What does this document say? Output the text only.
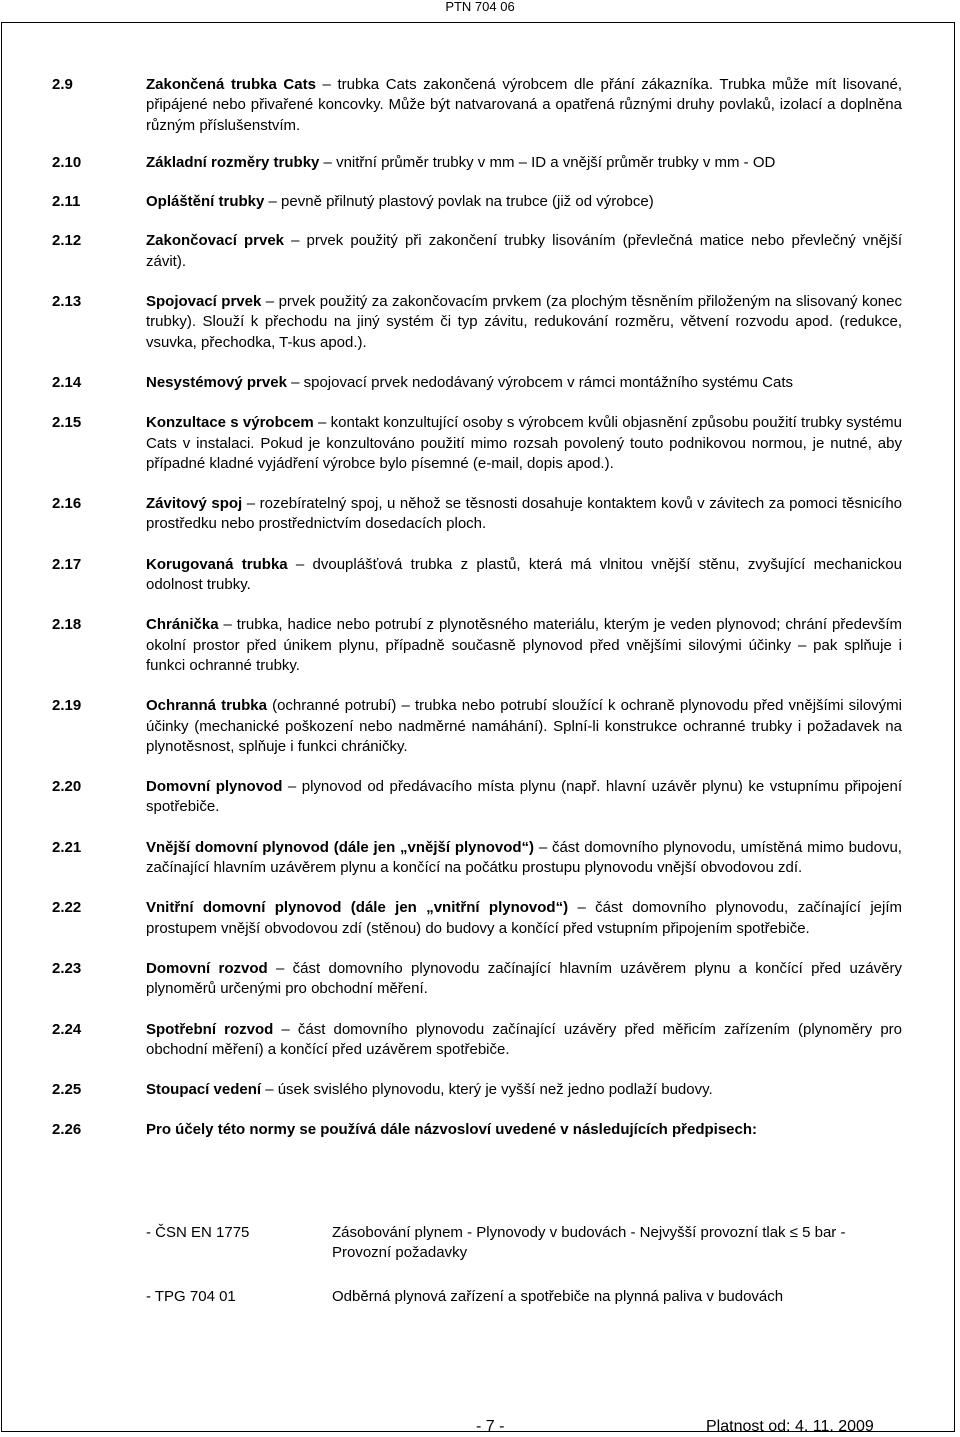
PTN 704 06
2.9	Zakončená trubka Cats – trubka Cats zakončená výrobcem dle přání zákazníka. Trubka může mít lisované, připájené nebo přivařené koncovky. Může být natvarovaná a opatřená různými druhy povlaků, izolací a doplněna různým příslušenstvím.
2.10	Základní rozměry trubky – vnitřní průměr trubky v mm – ID a vnější průměr trubky v mm - OD
2.11	Opláštění trubky – pevně přilnutý plastový povlak na trubce (již od výrobce)
2.12	Zakončovací prvek – prvek použitý při zakončení trubky lisováním (převlečná matice nebo převlečný vnější závit).
2.13	Spojovací prvek – prvek použitý za zakončovacím prvkem (za plochým těsněním přiloženým na slisovaný konec trubky). Slouží k přechodu na jiný systém či typ závitu, redukování rozměru, větvení rozvodu apod. (redukce, vsuvka, přechodka, T-kus apod.).
2.14	Nesystémový prvek – spojovací prvek nedodávaný výrobcem v rámci montážního systému Cats
2.15	Konzultace s výrobcem – kontakt konzultující osoby s výrobcem kvůli objasnění způsobu použití trubky systému Cats v instalaci. Pokud je konzultováno použití mimo rozsah povolený touto podnikovou normou, je nutné, aby případné kladné vyjádření výrobce bylo písemné (e-mail, dopis apod.).
2.16	Závitový spoj – rozebíratelný spoj, u něhož se těsnosti dosahuje kontaktem kovů v závitech za pomoci těsnicího prostředku nebo prostřednictvím dosedacích ploch.
2.17	Korugovaná trubka – dvouplášťová trubka z plastů, která má vlnitou vnější stěnu, zvyšující mechanickou odolnost trubky.
2.18	Chránička – trubka, hadice nebo potrubí z plynotěsného materiálu, kterým je veden plynovod; chrání především okolní prostor před únikem plynu, případně současně plynovod před vnějšími silovými účinky – pak splňuje i funkci ochranné trubky.
2.19	Ochranná trubka (ochranné potrubí) – trubka nebo potrubí sloužící k ochraně plynovodu před vnějšími silovými účinky (mechanické poškození nebo nadměrné namáhání). Splní-li konstrukce ochranné trubky i požadavek na plynotěsnost, splňuje i funkci chráničky.
2.20	Domovní plynovod – plynovod od předávacího místa plynu (např. hlavní uzávěr plynu) ke vstupnímu připojení spotřebiče.
2.21	Vnější domovní plynovod (dále jen „vnější plynovod“) – část domovního plynovodu, umístěná mimo budovu, začínající hlavním uzávěrem plynu a končící na počátku prostupu plynovodu vnější obvodovou zdí.
2.22	Vnitřní domovní plynovod (dále jen „vnitřní plynovod“) – část domovního plynovodu, začínající jejím prostupem vnější obvodovou zdí (stěnou) do budovy a končící před vstupním připojením spotřebiče.
2.23	Domovní rozvod – část domovního plynovodu začínající hlavním uzávěrem plynu a končící před uzávěry plynoměrů určenými pro obchodní měření.
2.24	Spotřební rozvod – část domovního plynovodu začínající uzávěry před měřicím zařízením (plynoměry pro obchodní měření) a končící před uzávěrem spotřebiče.
2.25	Stoupací vedení – úsek svislého plynovodu, který je vyšší než jedno podlaží budovy.
2.26	Pro účely této normy se používá dále názvosloví uvedené v následujících předpisech:
- ČSN EN 1775	Zásobování plynem - Plynovody v budovách - Nejvyšší provozní tlak ≤ 5 bar - Provozní požadavky
- TPG 704 01	Odběrná plynová zařízení a spotřebiče na plynná paliva v budovách
- 7 -	Platnost od: 4. 11. 2009
